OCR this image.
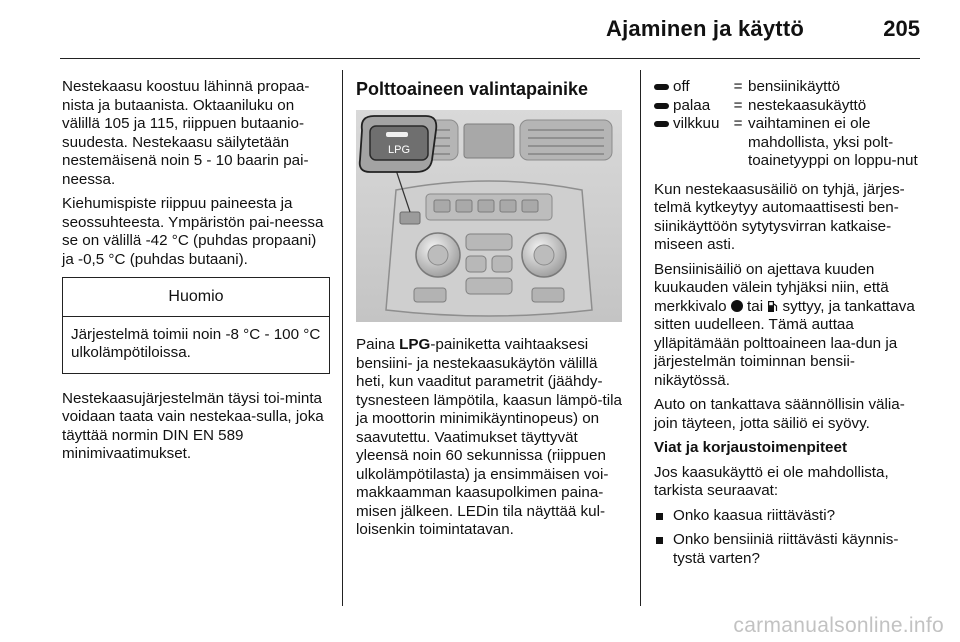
Ajaminen ja käyttö	205

Nestekaasu koostuu lähinnä propaa-nista ja butaanista. Oktaaniluku on välillä 105 ja 115, riippuen butaanio-suudesta. Nestekaasu säilytetään nestemäisenä noin 5 - 10 baarin pai-neessa.

Kiehumispiste riippuu paineesta ja seossuhteesta. Ympäristön pai-neessa se on välillä -42 °C (puhdas propaani) ja -0,5 °C (puhdas butaani).

Huomio
Järjestelmä toimii noin -8 °C - 100 °C ulkolämpötiloissa.

Nestekaasujärjestelmän täysi toi-minta voidaan taata vain nestekaa-sulla, joka täyttää normin DIN EN 589 minimivaatimukset.

Polttoaineen valintapainike
LPG

Paina LPG-painiketta vaihtaaksesi bensiini- ja nestekaasukäytön välillä heti, kun vaaditut parametrit (jäähdy-tysnesteen lämpötila, kaasun lämpö-tila ja moottorin minimikäyntinopeus) on saavutettu. Vaatimukset täyttyvät yleensä noin 60 sekunnissa (riippuen ulkolämpötilasta) ja ensimmäisen voi-makkaamman kaasupolkimen paina-misen jälkeen. LEDin tila näyttää kul-loisenkin toimintatavan.

off	= bensiinikäyttö
palaa	= nestekaasukäyttö
vilkkuu = vaihtaminen ei ole mahdollista, yksi polt-toainetyyppi on loppu-nut

Kun nestekaasusäiliö on tyhjä, järjes-telmä kytkeytyy automaattisesti ben-siinikäyttöön sytytysvirran katkaise-miseen asti.

Bensiinisäiliö on ajettava kuuden kuukauden välein tyhjäksi niin, että merkkivalo  tai  syttyy, ja tankattava sitten uudelleen. Tämä auttaa ylläpitämään polttoaineen laa-dun ja järjestelmän toiminnan bensii-nikäytössä.

Auto on tankattava säännöllisin välia-join täyteen, jotta säiliö ei syövy.

Viat ja korjaustoimenpiteet

Jos kaasukäyttö ei ole mahdollista, tarkista seuraavat:

Onko kaasua riittävästi?
Onko bensiiniä riittävästi käynnis-tystä varten?
carmanualsonline.info
